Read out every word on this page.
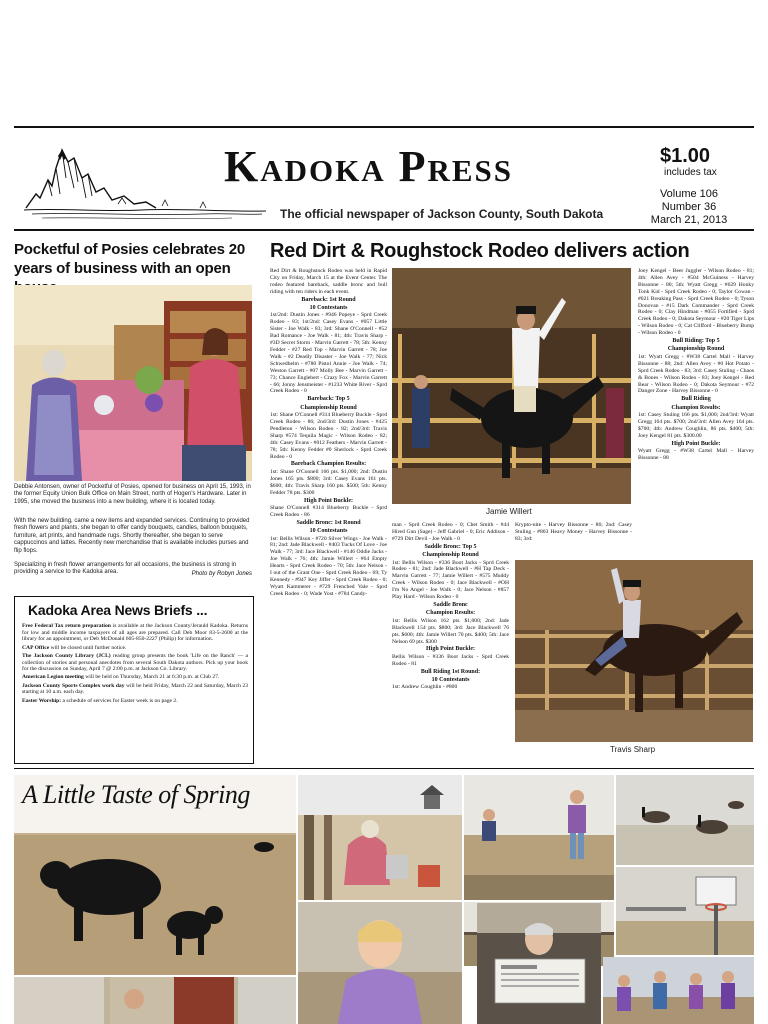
Kadoka Press
The official newspaper of Jackson County, South Dakota
$1.00
includes tax
Volume 106
Number 36
March 21, 2013
Pocketful of Posies celebrates 20 years of business with an open
Debbie Antonsen, owner of Pocketful of Posies, opened for business on April 15, 1993, in the former Equity Union Bulk Office on Main Street, north of Hogen's Hardware. Later in 1995, she moved the business into a new building, where it is located today.
With the new building, came a new items and expanded services. Continuing to provided fresh flowers and plants, she began to offer candy bouquets, candles, balloon bouquets, furniture, art prints, and handmade rugs. Shortly thereafter, she began to serve cappuccinos and lattes. Recently new merchandise that is available includes purses and flip flops.
Specializing in fresh flower arrangements for all occasions, the business is strong in providing a service to the Kadoka area.	Photo by Robyn Jones
Kadoka Area News Briefs ...
Free Federal Tax return preparation is available at the Jackson County/Jerauld Kadoka. Returns for low and middle income taxpayers of all ages are prepared. Call Deb Moor 83-5-2600 at the library for an appointment, or Deb McDonald 605-850-2227 (Philip) for information.
CAP Office will be closed until further notice.
The Jackson County Library (JCL) reading group presents the book 'Life on the Ranch' — a collection of stories and personal anecdotes from several South Dakota authors. Pick up your book for the discussion on Sunday, April 7 @ 2:00 p.m. at Jackson Co. Library.
American Legion meeting will be held on Thursday, March 21 at 6:30 p.m. at Club 27.
Jackson County Sports Complex work day will be held Friday, March 22 and Saturday, March 23 starting at 10 a.m. each day.
Easter Worship: a schedule of services for Easter week is on page 2.
Red Dirt & Roughstock Rodeo delivers action

Red Dirt & Roughstock Rodeo was held in Rapid City on Friday, March 15 at the Event Center. The rodeo featured bareback, saddle bronc and bull riding with ten riders in each event.

Bareback: 1st Round
10 Contestants

1st/2nd: Dustin Jones - #946 Popeye - Sprd Creek Rodeo - 83; 1st/2nd: Casey Evans - #057 Little Sister - Joe Walk - 83; 3rd: Shane O'Connell - #52 Bad Romance - Joe Walk - 81; 4th: Travis Sharp - #3D Secret Storm - Marvin Garrett - 78; 5th: Kenny Fedder - #27 Red Top - Marvin Garrett - 78; Joe Walk - #2 Deadly Disaster - Joe Walk - 77; Nick Schwedhelm - #780 Pistol Annie - Joe Walk - 74; Weston Garrett - #07 Molly Bee - Marvin Garrett - 73; Chance Englebert - Crazy Fox - Marvin Garrett - 66; Jonny Jensmeister - #1233 White River - Sprd Creek Rodeo - 0

Bareback: Top 5
Championship Round

1st: Shane O'Connell #314 Blueberry Buckle - Sprd Creek Rodeo - 86; 2nd/3rd: Dustin Jones - #425 Pendleton - Wilson Rodeo - 82; 2nd/3rd: Travis Sharp #574 Tequila Magic - Wilson Rodeo - 82; 4th: Casey Evans - #012 Feathers - Marvin Garrett - 78; 5th: Kenny Fedder #0 Sherlock - Sprd Creek Rodeo - 0

Bareback Champion Results:

1st: Shane O'Connell 166 pts. $1,000; 2nd: Dustin Jones 165 pts. $800; 3rd: Casey Evans 161 pts. $600; 4th: Travis Sharp 160 pts. $500; 5th: Kenny Fedder 78 pts. $300

High Point Buckle:

Shane O'Connell #314 Blueberry Buckle - Sprd Creek Rodeo - 86

Saddle Bronc: 1st Round
10 Contestants

1st: Bellis Wilson - #720 Silver Wings - Joe Walk - 81; 2nd: Jade Blackwell - #403 Tucks Of Love - Joe Walk - 77; 3rd: Jace Blackwell - #146 Oddie Jacks - Joe Walk - 76; 4th: Jamie Willert - #64 Empty Hearts - Sprd Creek Rodeo - 70; 5th: Jace Nelson - I out of the Grant One - Sprd Creek Rodeo - 69; Ty Kennedy - #947 Key Jiffer - Sprd Creek Rodeo - 0; Wyatt Kammerer - #729 Frenched Vale - Sprd Creek Rodeo - 0; Wade Yost - #784 Candy-

Jamie Willert

man - Sprd Creek Rodeo - 0; Chet Smith - #44 Hired Gun (Sage) - Jeff Gabriel - 0; Eric Addison - #729 Dirt Devil - Joe Walk - 0

Saddle Bronc: Top 5
Championship Round

1st: Bellis Wilson - #336 Boot Jacks - Sprd Creek Rodeo - 81; 2nd: Jade Blackwell - #H Tap Deck - Marvin Garrett - 77; Jamie Willert - #575 Muddy Creek - Wilson Rodeo - 0; Jace Blackwell - #OH I'm No Angel - Joe Walk - 0; Jace Nelson - #857 Play Hard - Wilson Rodeo - 0

Saddle Bronc
Champion Results:

1st: Bellis Wilson 162 pts. $1,000; 2nd: Jade Blackwell 154 pts. $800; 3rd: Jace Blackwell 76 pts. $600; 4th: Jamie Willert 70 pts. $400; 5th: Jace Nelson 69 pts. $300

High Point Buckle:

Bellis Wilson - #336 Boot Jacks - Sprd Creek Rodeo - 81

Bull Riding 1st Round:
10 Contestants

1st: Andrew Coughlin - #800

Krypto-nite - Harvey Bissonne - 86; 2nd: Casey Stuling - #803 Heavy Money - Harvey Bissonne - 83; 3rd:

Joey Kengel - Beer Juggler - Wilson Rodeo - 81; 4th: Allen Avey - #504 McGuiness - Harvey Bissonne - 80; 5th: Wyatt Gregg - #629 Honky Tonk Kid - Sprd Creek Rodeo - 0; Taylor Cowan - #021 Breaking Pass - Sprd Creek Rodeo - 0; Tyson Donovan - #15 Dark Commander - Sprd Creek Rodeo - 0; Clay Hindman - #055 Fortified - Sprd Creek Rodeo - 0; Dakota Seymour - #20 Tiger Lips - Wilson Rodeo - 0; Cat Clifford - Blueberry Bump - Wilson Rodeo - 0

Bull Riding: Top 5
Championship Round

1st: Wyatt Gregg - #W38 Cartel Mall - Harvey Bissonne - 88; 2nd: Allen Avey - #0 Hot Potato - Sprd Creek Rodeo - 83; 3rd: Casey Stuling - Chaos & Bones - Wilson Rodeo - 83; Joey Kengel - Red Bear - Wilson Rodeo - 0; Dakota Seymour - #72 Danger Zone - Harvey Bissonne - 0

Bull Riding
Champion Results:

1st: Casey Stuling 166 pts. $1,000; 2nd/3rd: Wyatt Gregg 164 pts. $700; 2nd/3rd: Allen Avey 164 pts. $700; 4th: Andrew Coughlin, 86 pts. $400; 5th: Joey Kengel 81 pts. $300.00

High Point Buckle:

Wyatt Gregg - #W38 Cartel Mall - Harvey Bissonne - 88

Travis Sharp
A Little Taste of Spring
